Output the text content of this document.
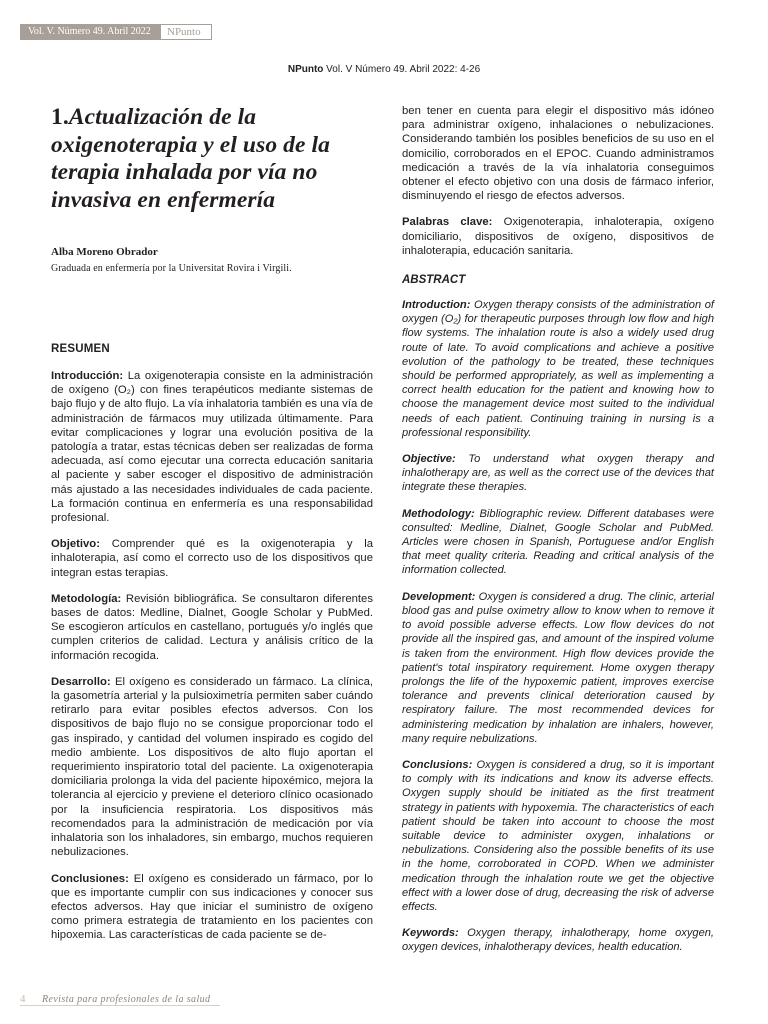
Vol. V. Número 49. Abril 2022	NPunto
NPunto Vol. V Número 49. Abril 2022: 4-26
1.Actualización de la oxigenoterapia y el uso de la terapia inhalada por vía no invasiva en enfermería
Alba Moreno Obrador
Graduada en enfermería por la Universitat Rovira i Virgili.
RESUMEN

Introducción: La oxigenoterapia consiste en la administración de oxígeno (O₂) con fines terapéuticos mediante sistemas de bajo flujo y de alto flujo. La vía inhalatoria también es una vía de administración de fármacos muy utilizada últimamente. Para evitar complicaciones y lograr una evolución positiva de la patología a tratar, estas técnicas deben ser realizadas de forma adecuada, así como ejecutar una correcta educación sanitaria al paciente y saber escoger el dispositivo de administración más ajustado a las necesidades individuales de cada paciente. La formación continua en enfermería es una responsabilidad profesional.

Objetivo: Comprender qué es la oxigenoterapia y la inhaloterapia, así como el correcto uso de los dispositivos que integran estas terapias.

Metodología: Revisión bibliográfica. Se consultaron diferentes bases de datos: Medline, Dialnet, Google Scholar y PubMed. Se escogieron artículos en castellano, portugués y/o inglés que cumplen criterios de calidad. Lectura y análisis crítico de la información recogida.

Desarrollo: El oxígeno es considerado un fármaco. La clínica, la gasometría arterial y la pulsioximetría permiten saber cuándo retirarlo para evitar posibles efectos adversos. Con los dispositivos de bajo flujo no se consigue proporcionar todo el gas inspirado, y cantidad del volumen inspirado es cogido del medio ambiente. Los dispositivos de alto flujo aportan el requerimiento inspiratorio total del paciente. La oxigenoterapia domiciliaria prolonga la vida del paciente hipoxémico, mejora la tolerancia al ejercicio y previene el deterioro clínico ocasionado por la insuficiencia respiratoria. Los dispositivos más recomendados para la administración de medicación por vía inhalatoria son los inhaladores, sin embargo, muchos requieren nebulizaciones.

Conclusiones: El oxígeno es considerado un fármaco, por lo que es importante cumplir con sus indicaciones y conocer sus efectos adversos. Hay que iniciar el suministro de oxígeno como primera estrategia de tratamiento en los pacientes con hipoxemia. Las características de cada paciente se de-

ben tener en cuenta para elegir el dispositivo más idóneo para administrar oxígeno, inhalaciones o nebulizaciones. Considerando también los posibles beneficios de su uso en el domicilio, corroborados en el EPOC. Cuando administramos medicación a través de la vía inhalatoria conseguimos obtener el efecto objetivo con una dosis de fármaco inferior, disminuyendo el riesgo de efectos adversos.

Palabras clave: Oxigenoterapia, inhaloterapia, oxígeno domiciliario, dispositivos de oxígeno, dispositivos de inhaloterapia, educación sanitaria.

ABSTRACT

Introduction: Oxygen therapy consists of the administration of oxygen (O₂) for therapeutic purposes through low flow and high flow systems. The inhalation route is also a widely used drug route of late. To avoid complications and achieve a positive evolution of the pathology to be treated, these techniques should be performed appropriately, as well as implementing a correct health education for the patient and knowing how to choose the management device most suited to the individual needs of each patient. Continuing training in nursing is a professional responsibility.

Objective: To understand what oxygen therapy and inhalotherapy are, as well as the correct use of the devices that integrate these therapies.

Methodology: Bibliographic review. Different databases were consulted: Medline, Dialnet, Google Scholar and PubMed. Articles were chosen in Spanish, Portuguese and/or English that meet quality criteria. Reading and critical analysis of the information collected.

Development: Oxygen is considered a drug. The clinic, arterial blood gas and pulse oximetry allow to know when to remove it to avoid possible adverse effects. Low flow devices do not provide all the inspired gas, and amount of the inspired volume is taken from the environment. High flow devices provide the patient's total inspiratory requirement. Home oxygen therapy prolongs the life of the hypoxemic patient, improves exercise tolerance and prevents clinical deterioration caused by respiratory failure. The most recommended devices for administering medication by inhalation are inhalers, however, many require nebulizations.

Conclusions: Oxygen is considered a drug, so it is important to comply with its indications and know its adverse effects. Oxygen supply should be initiated as the first treatment strategy in patients with hypoxemia. The characteristics of each patient should be taken into account to choose the most suitable device to administer oxygen, inhalations or nebulizations. Considering also the possible benefits of its use in the home, corroborated in COPD. When we administer medication through the inhalation route we get the objective effect with a lower dose of drug, decreasing the risk of adverse effects.

Keywords: Oxygen therapy, inhalotherapy, home oxygen, oxygen devices, inhalotherapy devices, health education.

4	Revista para profesionales de la salud
